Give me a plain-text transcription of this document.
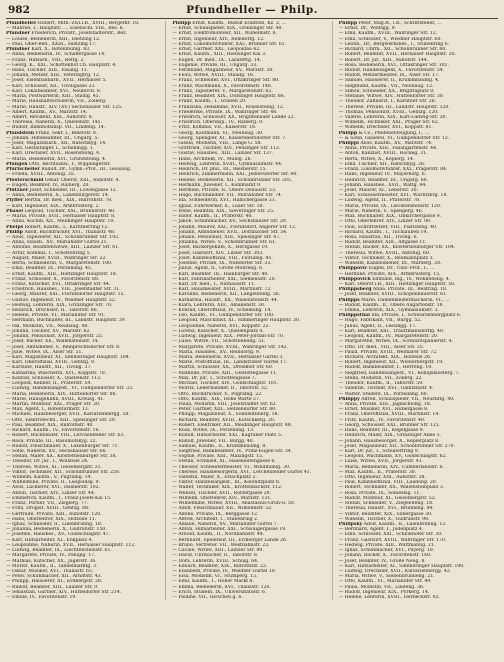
982	Pfundheller — Philp.
Pfundheller Hubert, Mitn.-Zwl.i.R., XVIII.; Bergerkr. 10.
— Mabriel, I., Hauptstr., ... Eisenschl. VIII., Bes. 6.
Pfundner Friederich, Privatr., Josefstädterstr., Bez.
— Louise, Bedienerin, XIII., Hietzing 12.
— Paul, Ober-Bed., XXIII., Hietzing 17.
Pfundner Karl, X., Rotenmühlg. 83.
— Anna, Bedienerin, IV., Schäffergasse 14.
— Franz, Hilfsarb., VIII., Bettg. 2.
— Georg, K., XXI., Schottenhof Ch. Hauptstr. 4.
— Hans, Tischler, XIII., Fasang. 11.
— Johann, Metzer, XIII., Veteringtrg. 12.
— Josef, Eisenbahnarb., XVII., Hernalser 5.
— Karl, Schlosser, XII., Tivoligasse 23.
— Karl, Lokalbeamter, XVI., Neulerch. 8.
— Maria, Postwärterin, XIII., Stadlg. 45.
— Marie, Haushaltsschülerin, VII., Zollerg.
— Marie, Hausfr., XIV. (XV.) Sechshauser Str. 125.
— Albert, Kaufm., XV., Märzstr. 14.
— Albert, Revident, XIII., Auhofstr. 8.
— Theresia, Näherin, X., Quellenstr. 145.
— Rudolf, Bahnhofsinsp. VII., Lindeng. 14.
Pfundstein Franz, Sekr. I., Biberstr. 8.
— Johann, Hilfsbeamter, III., Ungarg. 5.
— Josef, Magazinsarb., XII., Ratschkyg. 14.
— Karl, Gestaltalger, I., Schellingg. 1.
— Karl, Drechsler, XVII., Rosensteing. 4.
— Maria, Bedienerin, XVI., Grundsteing. 4.
Pfungen Otto, Rechtsanw., I., Wipplingerstr.
Pfurtscheller Rudolf, Dr., Gymn.-Prof., III., Geusaug.
— Frieda, XVIII., Antonig. 35.
Pfusterschmid Oskar, Oberst, XIII., Auhofstr. 4.
— Eugen, Beamter, IV., Rainerg. 20.
Pfützner Josef, Schneider, III., Löwengasse 12.
— Anna, Bedienerin, X., Laxenburgerstr. 14.
Pfyffer Bertha, Dr. med., XIX., Billrothstr. 78.
— Karl, Ingenieur, XIX., Armbrusterg. 2.
Phasel Leopold, Tischler, XXI., Brünnerstr. 40.
— Maria, Private, XVII., Hernalser Hauptstr. 8.
— Anna, Köchin, XII., Meidlinger Hauptstr. 10.
Phelps Robert, Kaufm., I., Kärntnerring 12.
Phillip Adolf, Buchdrucker, XVI., Thaliastr. 48.
— Alois, Tapezierer, XII., Schönbrunner Str. 192.
— Anna, Hausb., XV., Mariahilfer Gürtel 21.
— Antonie, Beamtenwitwe, XIII., Lainzer Str. 61.
— Artur, Kommis, I., Schottenring 5.
— August, Maler, XVIII., Währinger Str. 22.
— Berta, Schneiderin, V., Margaretenstr. 100.
— Emil, Beamter, IX., Porzellang. 45.
— Ernst, Kaufm., XIII., Hietzinger Hauptstr. 18.
— Franz, Schlosser, X., Favoritenstr. 88.
— Franz, Kutscher, XVI., Ottakringer Str. 44.
— Friedrich, Hausbes., VIII., Josefstädter Str. 31.
— Georg, Maurer, XXI., Floridsdorfer Hauptstr. 15.
— Gustav, Ingenieur, IV., Wiedner Hauptstr. 52.
— Hedwig, Lehrerin, XIX., Grinzinger Str. 70.
— Heinrich, Drechsler, II., Taborstr. 66.
— Helene, Private, VI., Mariahilfer Str. 91.
— Hermann, Buchhalter, III., Landstr. Hauptstr. 39.
— Ida, Modistin, VII., Neubaug. 48.
— Johann, Tischler, XV., Märzstr. 62.
— Johann, Pensionist, XVII., Jörgerstr. 25.
— Josef, Bäcker, XX., Wallensteinstr. 14.
— Josef, Amtsdiener, V., Reinprechtsdorfer Str. 8.
— Julie, Witwe, IX., Alser Str. 51.
— Karl, Magazineur, XI., Simmeringer Hauptstr. 104.
— Karl, Oberoffizial, XVIII., Gentzg. 9.
— Karoline, Hausfr., XII., Tivolig. 37.
— Katharina, Wäscherin, XVI., Koppstr. 70.
— Konrad, Schlosser, X., Quellenstr. 112.
— Leopold, Kellner, II., Praterstr. 54.
— Ludwig, Handelsangest., VI., Gumpendorfer Str. 33.
— Maria, Bedienerin, XIV., Hütteldorfer Str. 86.
— Marie, Hausgehilfin, XVIII., Kreuzg. 41.
— Martin, Monteur, XXI., Prager Str. 20.
— Max, Agent, I., Rotenturmstr. 13.
— Michael, Hausbesorger, XVII., Kalvarienbergg. 18.
— Otto, Elektrotechn., XIII., Speisinger Str. 29.
— Paul, Beamter, XIX., Billrothstr. 40.
— Richard, Kaufm., IV., Favoritenstr. 16.
— Robert, Buchbinder, VIII., Lerchenfelder Str. 63.
— Rosa, Private, III., Rasumofskyg. 22.
— Rudolf, Fleischhauer, X., Laxenburger Str. 71.
— Sofie, Näherin, XV., Sechshauser Str. 66.
— Stefan, Maler, XX., Klosterneuburger Str. 38.
— Theodor, Dr. jur., I., Wollzeile 24.
— Therese, Witwe, XI., Geiselbergstr. 21.
— Viktor, Techniker, XII., Schönbrunner Str. 250.
— Wilhelm, Kaufm., V., Pilgramg. 14.
— Wilhelmine, Private, II., Leopoldsg. 9.
— Alois, Lackierer, XVI., Hasnerstr. 102.
— Anton, Tischler, XIV., Linzer Str. 44.
— Emmerich, Kaufm., I., Franz-Josefs-Kai 15.
— Franz, Portier, VII., Zieglerg. 77.
— Fritz, Drogist, XVIII., Gentzg. 88.
— Gertrude, Private, XIII., Auhofstr. 120.
— Hans, Oberlehrer, XIX., Hofzeile 11.
— Ignaz, Schneider, II., Lilienbrunng. 18.
— Johanna, Bedienerin, X., Gudrunstr. 150.
— Josefine, Hausbes., XV., Goldschlagstr. 47.
— Karl, Hilfsarbeiter, XI., Enkplatz 4.
— Leopoldine, Näherin, XVII., Hernalser Hauptstr. 112.
— Ludwig, Beamter, IX., Liechtensteinstr. 61.
— Margarete, Private, IV., Paniglg. 17.
— Mathias, Kutscher, XX., Jägerstr. 36.
— Moritz, Kaufm., II., Tandelmarktg. 3.
— Oskar, Musiker, XVI., Thaliastr. 65.
— Peter, Schuhmacher, XII., Arndtstr. 43.
— Philipp, Hausierer, III., Erdbergstr. 28.
— Rudolf, Beamter, XIII., Lainzer Str. 9.
— Sebastian, Gärtner, XIV., Hütteldorfer Str. 214.
— Emilie, IV., Favoritenstr. 19.
Philipp Ernst, Kaufm., Rudolf Eckstein, Kz. 2, ...
— Ernst, Schauspieler, XIX., Grinzinger Str. 48.
— Ernst, Elektromonteur, XII., Wilhelmstr. 8.
— Ernst, Ingenieur, XIV., Reindorfg. 12.
— Ernst, Lokomotivführer, XXI., Brünner Str. 61.
— Ernst, Gärtner, XXI., Leopoldau 42.
— Ernst, Kaufm., XIII., Hietzinger Kai 3.
— Eugen, Dr. med., IX., Lazarettg. 14.
— Eugenie, Private, III., Ungarg. 33.
— Ferdinand, Magazineur, XV., Märzstr. 30.
— Flora, Witwe, XVIII., Staudg. 16.
— Franz, Schneider, XVI., Ottakringer Str. 80.
— Franz, Wachmann, X., Favoritenstr. 140.
— Franz, Tapezierer, V., Margaretenstr. 62.
— Franz, Beamter, XIX., Döblinger Hauptstr. 66.
— Franz, Kaufm., I., Graben 20.
— Franziska, Hebamme, XVII., Rosensteing. 12.
— Friederike, Private, IX., Währinger Str. 48.
— Friedrich, Schlosser, XX., Brigittenauer Lände 22.
— Friedrich, Oberinsp., IV., Rainerg. 9.
— Fritz, Kommis, VII., Kaiserstr. 18.
— Georg, Kaufmann, VI., Neubaug. 30.
— Georg, Spengler, XI., Kaiserebersdorfer Str. 7.
— Gisela, Modistin, VIII., Lange G. 58.
— Gottfried, Tischler, XIV., Penzinger Str. 112.
— Gustav, Hausbes., XIII., Lainzer Str. 137.
— Hans, Architekt, IV., Mühlg. 26.
— Hedwig, Lehrerin, XVIII., Gymnasiumstr. 44.
— Heinrich, Dr. phil., III., Reisnerstr. 15.
— Heinrich, Zimmermann, XXI., Jedlersdorfer Str. 90.
— Helene, Bedienerin, XII., Schönbrunner Str. 205.
— Hermann, Juwelier, I., Kohlmarkt 9.
— Hermine, Private, II., Obere Donaustr. 53.
— Hugo, Buchhändler, VII., Mariahilfer Str. 74.
— Ida, Schneiderin, XVI., Habichergasse 31.
— Ignaz, Fuhrwerker, X., Laaer Str. 18.
— Irene, Beamtin, XIX., Sieveringer Str. 25.
— Isidor, Kaufm., II., Praterstr. 40.
— Jakob, Schuhmacher, XV., Sechshauser Str. 29.
— Johann, Maurer, XXI., Floridsdorf, Angerer Str. 12.
— Johann, Amtsdiener, XVII., Dornbacher Str. 54.
— Johann, Pensionist, XIII., Speisinger Str. 47.
— Johanna, Witwe, V., Schönbrunner Str. 61.
— Josef, Bäckergehilfe, X., Herzgasse 19.
— Josef, Gastwirt, XIV., Linzer Str. 303.
— Josef, Kanzleioffizial, VIII., Florianig. 45.
— Josefine, Private, IX., Nußdorfer Str. 33.
— Julius, Agent, II., Große Mohreng. 6.
— Karl, Beamter, III., Hainburger Str. 40.
— Karl, Fabrikarbeiter, XXI., Siemensstr. 20.
— Karl, Dr. med., I., Rathausstr. 11.
— Karl, Hausmeister, XVIII., Martinstr. 72.
— Karoline, Bedienerin, XII., Längenfeldg. 56.
— Katharina, Hausfr., XX., Wallensteinstr. 44.
— Klara, Lehrerin, XIII., Amalienstr. 30.
— Konrad, Oberoffizial, IV., Schelleing. 14.
— Leo, Kaufm., VI., Gumpendorfer Str. 100.
— Leopold, Maschinist, XI., Simmeringer Hauptstr. 30.
— Leopoldine, Näherin, XVI., Koppstr. 22.
— Lorenz, Kutscher, X., Quellenplatz 4.
— Ludwig, Ingenieur, XIX., Peter-Jordan-Str. 70.
— Luise, Witwe, VII., Schottenfeldg. 51.
— Margarete, Private, XVIII., Währinger Str. 142.
— Maria, Hausbes., XV., Reindorfg. 9.
— Maria, Bedienerin, XVII., Hernalser Gürtel 3.
— Marie, Postoffizial, III., Landstraßer Gürtel 17.
— Martin, Schlosser, XX., Dresdner Str. 60.
— Mathilde, Private, XIII., Gloriettegasse 11.
— Max, Dr. jur., I., Schottengasse 7.
— Michael, Tischler, XIV., Goldschlagstr. 101.
— Moritz, Lederhändler, II., Taborstr. 32.
— Otto, Buchdrucker, V., Pilgramg. 22.
— Otto, Kaufm., XIX., Hohe Warte 27.
— Paula, Modistin, VIII., Josefstädter Str. 62.
— Peter, Gärtner, XIII., Hetzendorfer Str. 80.
— Philipp, Magazineur, X., Sonnleithnerg. 18.
— Richard, Beamter, XVIII., Kutschkerg. 20.
— Robert, Elektriker, XII., Meidlinger Hauptstr. 48.
— Rosa, Witwe, IX., Porzellang. 13.
— Rudolf, Hilfsarbeiter, XXI., Kagraner Platz 5.
— Rudolf, Juwelier, VII., Burgg. 40.
— Samuel, Kaufm., II., Krummbaumg. 8.
— Siegfried, Bankbeamter, IV., Prinz-Eugen-Str. 34.
— Sophie, Private, XIII., Maxingstr. 15.
— Stefan, Schmied, XI., Hasenleitengasse 6.
— Theodor, Schneidermeister, VI., Windmühlg. 30.
— Therese, Hausbesorgerin, XVI., Lerchenfelder Gürtel 41.
— Valentin, Maler, X., Erlachplatz 2.
— Viktor, Handelsangest., III., Kolonitzplatz 8.
— Walter, Techniker, XIX., Krottenbachstr. 112.
— Wenzel, Tischler, XVII., Rötzergasse 29.
— Wilhelm, Oberlehrer, XIV., Märzstr. 131.
— Wilhelmine, Witwe, XVIII., Anastasius-Grün-G. 50.
— Adolf, Fleischhauer, XII., Wilhelmstr. 32.
— Albine, Private, IX., Berggasse 12.
— Alfred, Architekt, I., Stubenring 2.
— Amalie, Näherin, XV., Mariahilfer Gürtel 7.
— Anton, Hilfsarbeiter, XXI., Schwaigergasse 19.
— Arnold, Kaufm., II., Nordbahnstr. 44.
— Bernhard, Spediteur, III., Erdberger Lände 26.
— Bruno, Vertreter, VII., Westbahnstr. 23.
— Cäcilie, Witwe, XIII., Lainzer Str. 90.
— David, Uhrmacher, II., Taborstr. 8.
— Dora, Lehrerin, XVIII., Schulg. 64.
— Eduard, Beamter, XIX., Billrothstr. 22.
— Elisabeth, Private, IV., Wiedner Gürtel 10.
— Elsa, Modistin, VI., Stumperg. 15.
— Emil, Kaufm., I., Hoher Markt 8.
— Emma, Bedienerin, XVI., Thaliastr. 120.
— Erich, Student, IX., Universitätsstr. 6.
— Pauline, VII., Hirschen g. 6.
Philipp Peter, Mag.R., i.R., Schriftsteller, ...
— Ernst, Dr., Wolfsgg. 9.
— Emil, Kaufm., XVIII., Währinger Str. 12.
— Emil, Schlosser, V., Wiedner Hauptstr. 60.
— Leonh., Dr., Bergwerksbes., I., Stubenring 6.
— Richard, Uhrm., XII., Schönbrunner Str. 80.
— Robert, Beamter, XVII., Hernalser Hauptstr. 30.
— Robert, Dr. jur., XIII., Auhofstr. 144.
— Rosa, Bedienerin, XVI., Ottakringer Str. 101.
— Rudolf, Handelsagent, X., Favoritenstr. 54.
— Rudolf, Metzermeister, IX., Alser Str. 17.
— Samuel, Hausierer, II., Krummbaumg. 4.
— Siegmund, Kaufm., VII., Neubaug. 12.
— Simon, Schneider, XX., Brigittaplatz 8.
— Stefanie, Witwe, XIV., Hütteldorfer Str. 30.
— Theodor, Zahnarzt, I., Kärntner Str. 26.
— Therese, Private, III., Landstr. Hauptstr. 120.
— Thomas, Pensionist, XVIII., Gentzg. 120.
— Valerie, Lehrerin, XIX., Karl-Ludwig-Str. 30.
— Wilhelm, Techniker, XXI., Prager Str. 62.
— Wilhelm, Drechsler, XVI., Koppstr. 81.
Philipp & Co., Pfeifenerzeugung, I., ...
— & Sohn, Glaserei, VI., Gumpendorfer Str. 12.
Philippi Alois, Kaufm., XV., Märzstr. 74.
— Anna, Private, XIII., Fasangartenstr. 44.
— Anton, Kanzlist, XVIII., Hockeg. 31.
— Berta, Witwe, X., Keplerg. 14.
— Emil, Tischler, XII., Ratschkyg. 26.
— Franz, Lokomotivführer, XXI., Pragerstr. 84.
— Hans, Ingenieur, IV., Mayerhofg. 6.
— Heinrich, Beamter, III., Ungarg. 60.
— Johann, Hausbes., XVII., Wattg. 44.
— Josef, Maurer, XI., Leberstr. 30.
— Karl, Schlossermeister, XVI., Wurlitzerg. 18.
— Ludwig, Agent, II., Praterstr. 78.
— Maria, Private, IX., Liechtensteinstr. 120.
— Marie, Näherin, V., Spengerg. 46.
— Max, Buchhalter, XIX., Obkirchergasse 9.
— Otto, Oberlehrer, XIV., Linzer Str. 90.
— Paul, Schriftsetzer, VIII., Piaristeng. 40.
— Richard, Kaufm., I., Tuchlauben 14.
— Rosa, Hausfrau, XII., Tivolig. 6.
— Rudolf, Beamter, XIII., Altgasse 11.
— Stefan, Bäcker, XX., Klosterneuburger Str. 104.
— Theresia, Witwe, XVIII., Antonig. 60.
— Viktor, Techniker, X., Reumannplatz 3.
— Wilhelm, Kanzleidiener, III., Marxerg. 28.
Philippović Eugen, Dr., Univ.-Prof., I., ...
— Hermine, Private, XIX., Armbrusterg. 15.
Philippovich Edmund, Ing., IV., Wohllebeng. 4.
— Karl, Oberst i.R., XIII., Hietzinger Hauptstr. 50.
Philippsberg Anna, Private, III., Beatrixg. 18.
— Josef, Beamter, XVIII., Schopenhauerstr. 61.
Philipps Marie, Damenkleidermacherin, VI., ...
— Rudolf, Kaufm., II., Obere Augartenstr. 18.
— Emma, Lehrerin, XIX., Gymnasiumstr. 3.
Philippsthal Ida, Private, I., Schwarzenbergplatz 6.
— Hugo, Fabrikant, VII., Burgg. 52.
— Julius, Agent, II., Lessingg. 17.
— Karl, Beamter, XIII., Trauttmansdorffg. 40.
— Leopold, Kaufm., IV., Margaretenstr. 20.
— Margarethe, Witwe, IX., Schwarzspanierstr. 4.
— Otto, Dr. med., VIII., Alser Str. 35.
— Paula, Private, XVIII., Weimarer Str. 72.
— Richard, Architekt, XIX., Hofzeile 26.
— Robert, Ingenieur, XII., Wienerbergstr. 19.
— Rudolf, Bankbeamter, I., Herreng. 10.
— Siegfried, Handelsangest., VI., Königsklosterg. 7.
— Stella, Modistin, VII., Zollerg. 22.
— Theodor, Kaufm., II., Taborstr. 59.
— Valentin, Tischler, XVI., Gallitzinstr. 4.
— Walter, Student, IX., Porzellang. 60.
Philippy Alfred, Schauspieler, VII., Neustiftg. 40.
— Anna, Private, XIII., Jagdschloßg. 18.
— Ernst, Musiker, XVI., Hubergasse 8.
— Franz, Oberoffizial, XVIII., Martinstr. 14.
— Fritz, Kaufm., IV., Favoritenstr. 40.
— Georg, Schlosser, XXI., Brünner Str. 121.
— Hans, Beamter, III., Kegelgasse 9.
— Heinrich, Maler, XIX., Grinzinger Allee 5.
— Johann, Hausbesorger, X., Keplerplatz 8.
— Josef, Magazineur, XII., Schönbrunner Str. 270.
— Karl, Dr. jur., I., Schubertring 9.
— Leopold, Wachmann, XV., Goldschlagstr. 62.
— Luise, Witwe, XVII., Jörgerstr. 41.
— Maria, Bedienerin, XIV., Cumberlandstr. 6.
— Max, Kaufm., II., Praterstr. 30.
— Otto, Ingenieur, XIII., Auhofstr. 58.
— Paul, Kanzleioffizial, VIII., Laudong. 20.
— Robert, Techniker, XX., Wallensteinplatz 3.
— Rosa, Private, IX., Sobieskig. 11.
— Rudolf, Monteur, XI., Geiselbergstr. 52.
— Stefan, Schneider, V., Ziegelofeng. 18.
— Theresia, Hausfr., XVI., Brunneng. 44.
— Viktor, Beamter, XIX., Silbergasse 30.
— Wilhelm, Tischler, X., Gudrunstr. 98.
Philipsky Adolf, Kaufm., II., Lilienbrunng. 12.
— Bernhard, Agent, I., Judenplatz 4.
— Emil, Schlosser, XXI., Schloßhofer Str. 30.
— Franz, Gastwirt, XVIII., Währinger Str. 170.
— Hedwig, Private, XIII., Wattmanng. 21.
— Ignaz, Schuhmacher, XVI., Payerg. 10.
— Johann, Bäcker, X., Favoritenstr. 160.
— Josef, Beamter, IV., Große Neug. 8.
— Karl, Hilfsarbeiter, XI., Simmeringer Hauptstr. 190.
— Ludwig, Drechsler, XVII., Kalvarienbergg. 42.
— Maria, Witwe, V., Siebenbrunneng. 21.
— Otto, Kaufm., VI., Mariahilfer Str. 49.
— Paula, Modistin, VII., Lindeng. 36.
— Rudolf, Ingenieur, XIX., Pyrkerg. 14.
— Helene, Lehrerin, XVIII., Herbeckstr. 92.
